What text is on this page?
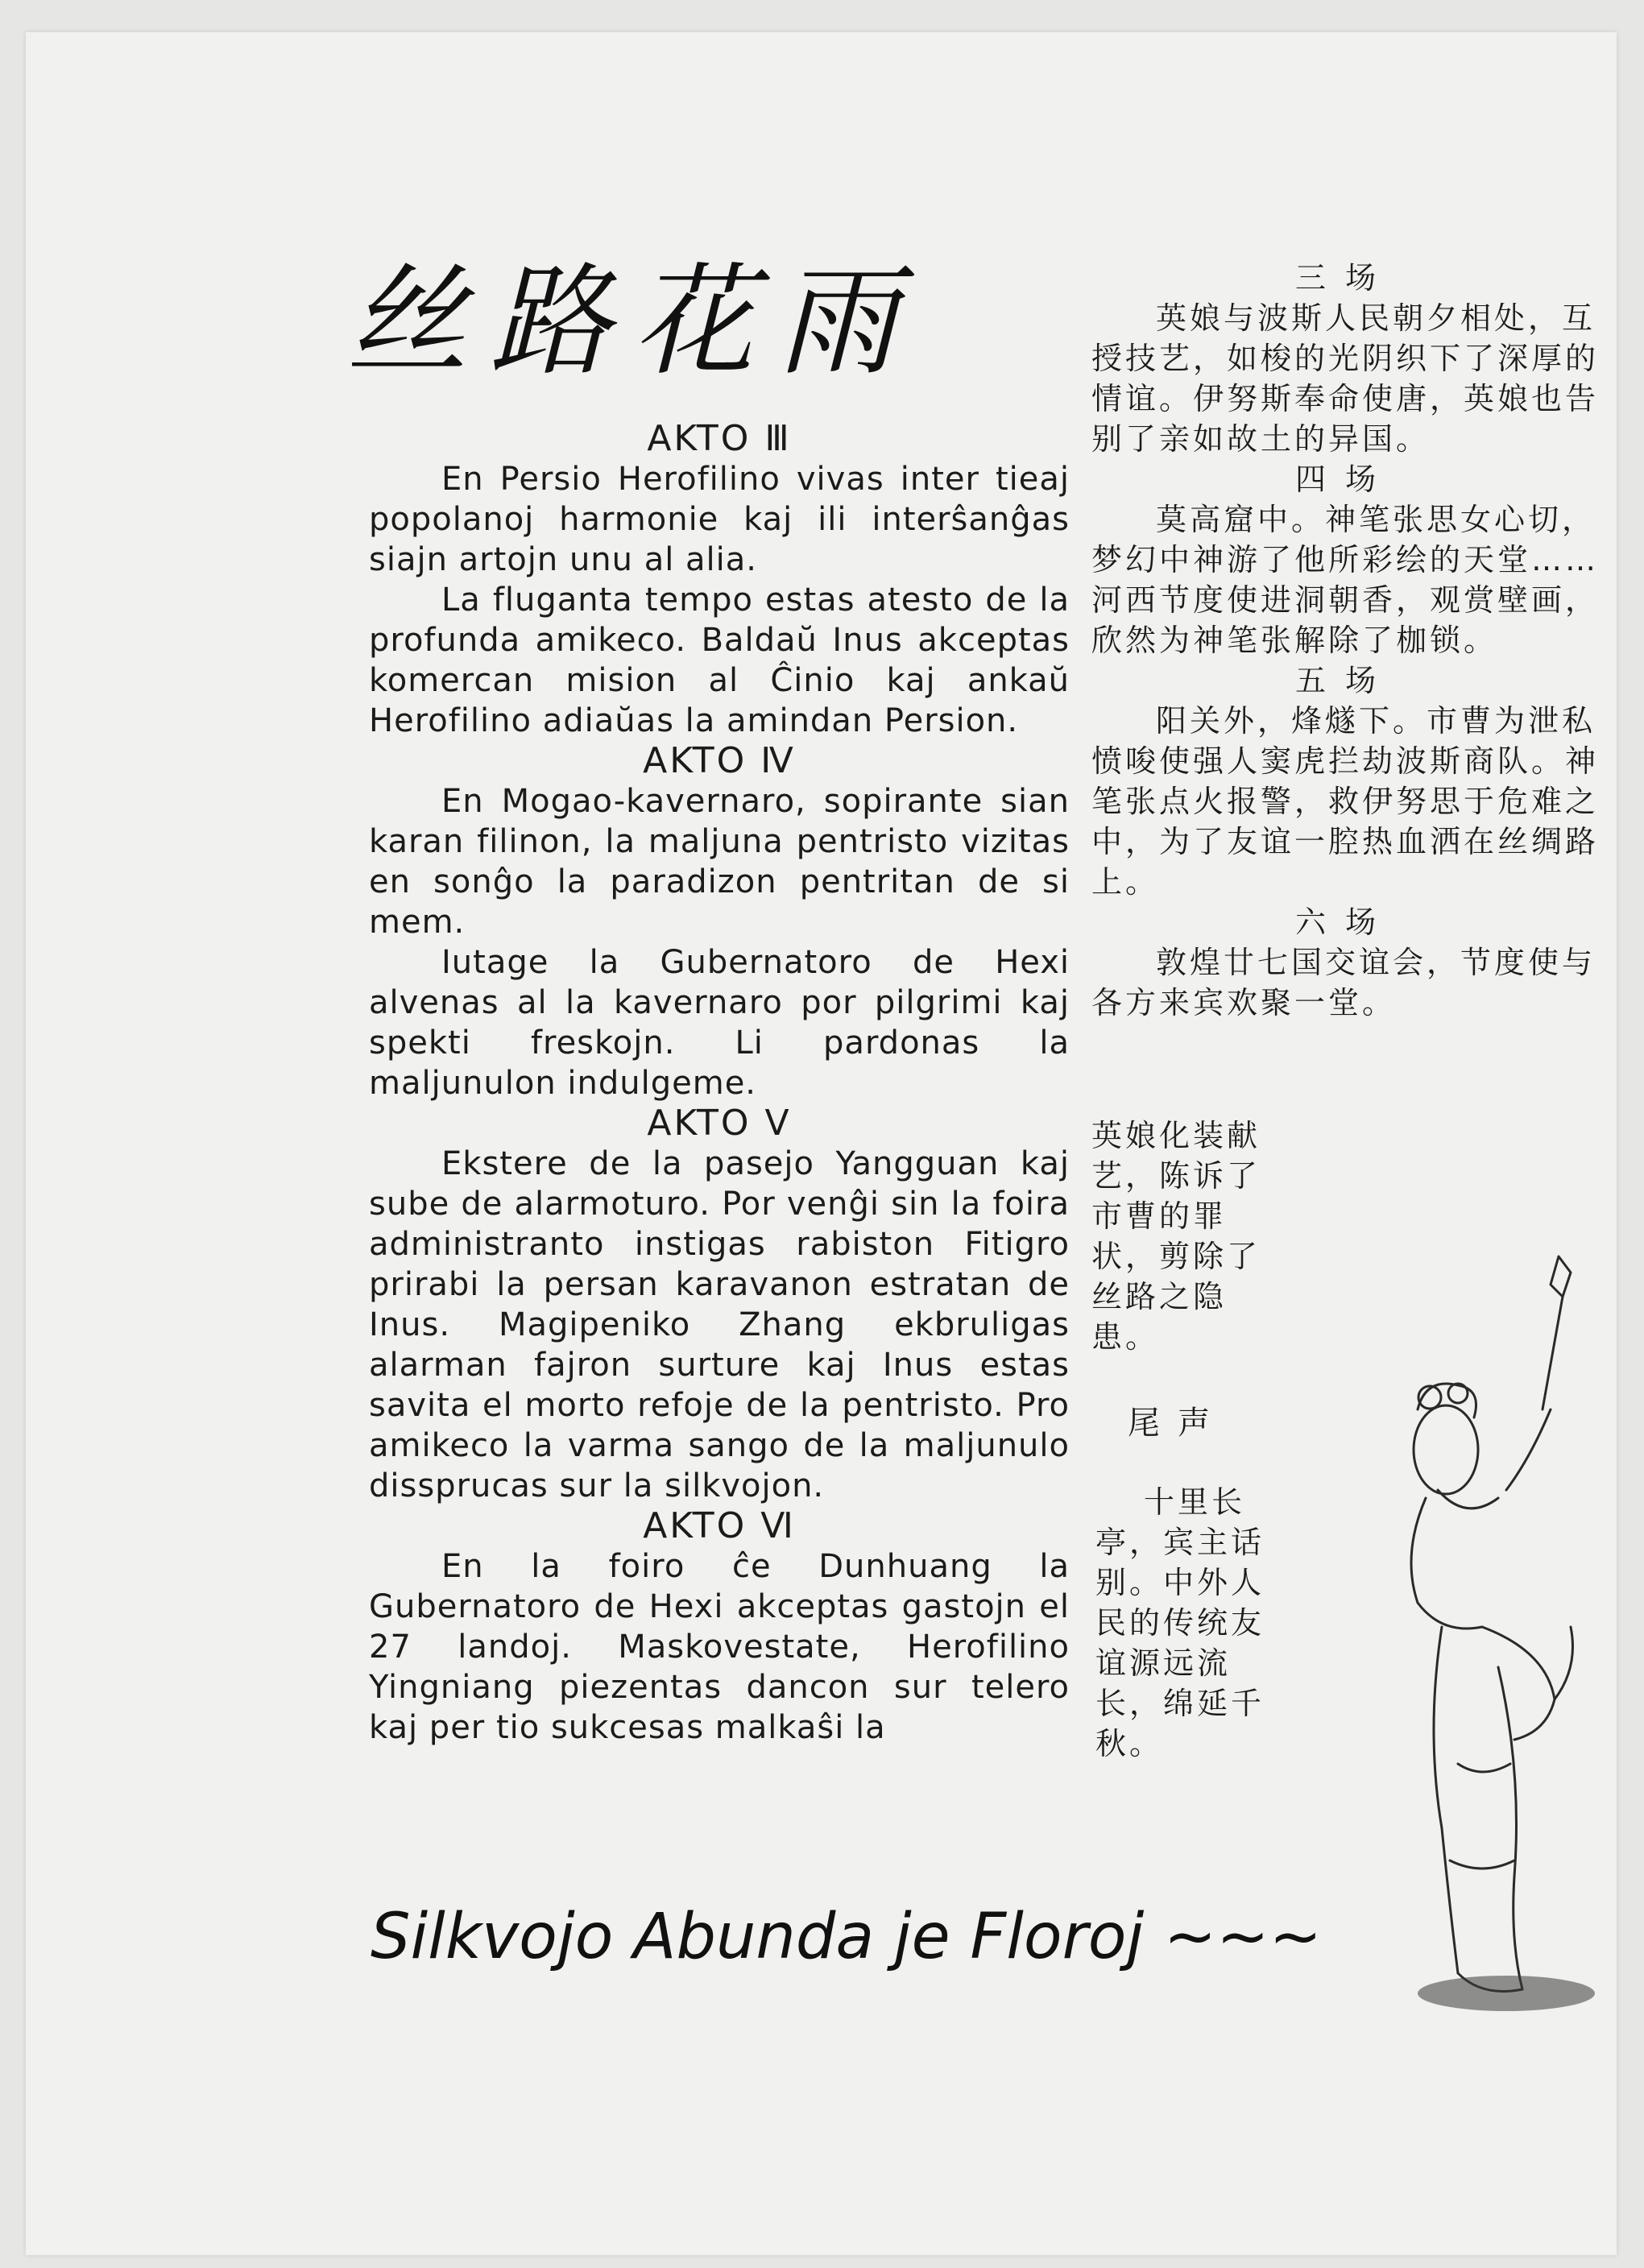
丝路花雨

AKTO Ⅲ

En Persio Herofilino vivas inter tieaj popolanoj harmonie kaj ili interŝanĝas siajn artojn unu al alia.

La fluganta tempo estas atesto de la profunda amikeco. Baldaŭ Inus akceptas komercan mision al Ĉinio kaj ankaŭ Herofilino adiaŭas la amindan Persion.

AKTO Ⅳ

En Mogao-kavernaro, sopirante sian karan filinon, la maljuna pentristo vizitas en sonĝo la paradizon pentritan de si mem.

Iutage la Gubernatoro de Hexi alvenas al la kavernaro por pilgrimi kaj spekti freskojn. Li pardonas la maljunulon indulgeme.

AKTO Ⅴ

Ekstere de la pasejo Yangguan kaj sube de alarmoturo. Por venĝi sin la foira administranto instigas rabiston Fitigro prirabi la persan karavanon estratan de Inus. Magipeniko Zhang ekbruligas alarman fajron surture kaj Inus estas savita el morto refoje de la pentristo. Pro amikeco la varma sango de la maljunulo dissprucas sur la silkvojon.

AKTO Ⅵ

En la foiro ĉe Dunhuang la Gubernatoro de Hexi akceptas gastojn el 27 landoj. Maskovestate, Herofilino Yingniang piezentas dancon sur telero kaj per tio sukcesas malkaŝi la

三场

英娘与波斯人民朝夕相处，互授技艺，如梭的光阴织下了深厚的情谊。伊努斯奉命使唐，英娘也告别了亲如故土的异国。

四场

莫高窟中。神笔张思女心切，梦幻中神游了他所彩绘的天堂……河西节度使进洞朝香，观赏壁画，欣然为神笔张解除了枷锁。

五场

阳关外，烽燧下。市曹为泄私愤唆使强人窦虎拦劫波斯商队。神笔张点火报警，救伊努思于危难之中，为了友谊一腔热血洒在丝绸路上。

六场

敦煌廿七国交谊会，节度使与各方来宾欢聚一堂。

英娘化装献艺，陈诉了市曹的罪状，剪除了丝路之隐患。

尾声
十里长亭，宾主话别。中外人民的传统友谊源远流长，绵延千秋。
Silkvojo Abunda je Floroj ~~~
